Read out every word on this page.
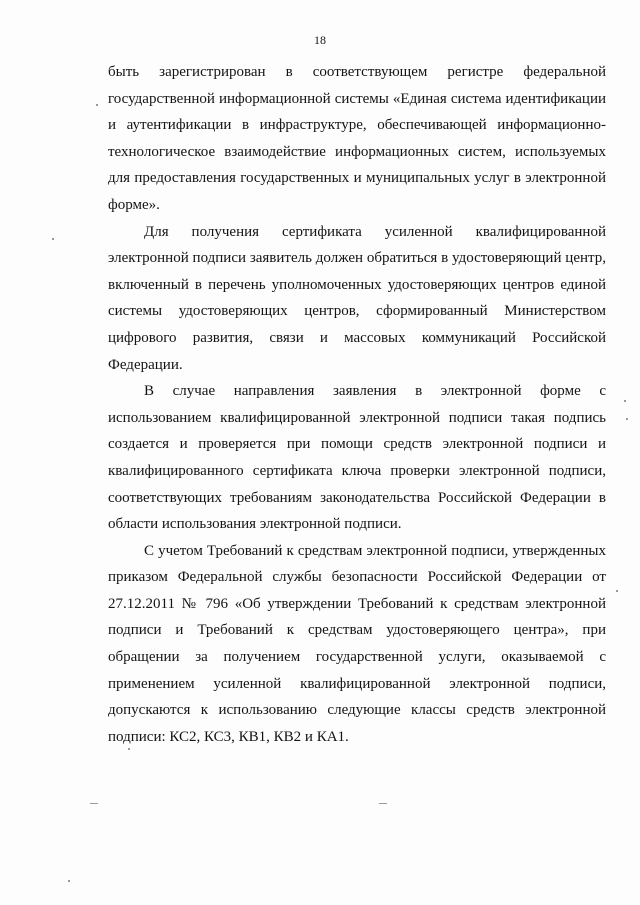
18

быть зарегистрирован в соответствующем регистре федеральной государственной информационной системы «Единая система идентификации и аутентификации в инфраструктуре, обеспечивающей информационно-технологическое взаимодействие информационных систем, используемых для предоставления государственных и муниципальных услуг в электронной форме».

Для получения сертификата усиленной квалифицированной электронной подписи заявитель должен обратиться в удостоверяющий центр, включенный в перечень уполномоченных удостоверяющих центров единой системы удостоверяющих центров, сформированный Министерством цифрового развития, связи и массовых коммуникаций Российской Федерации.

В случае направления заявления в электронной форме с использованием квалифицированной электронной подписи такая подпись создается и проверяется при помощи средств электронной подписи и квалифицированного сертификата ключа проверки электронной подписи, соответствующих требованиям законодательства Российской Федерации в области использования электронной подписи.

С учетом Требований к средствам электронной подписи, утвержденных приказом Федеральной службы безопасности Российской Федерации от 27.12.2011 № 796 «Об утверждении Требований к средствам электронной подписи и Требований к средствам удостоверяющего центра», при обращении за получением государственной услуги, оказываемой с применением усиленной квалифицированной электронной подписи, допускаются к использованию следующие классы средств электронной подписи: КС2, КС3, КВ1, КВ2 и КА1.
